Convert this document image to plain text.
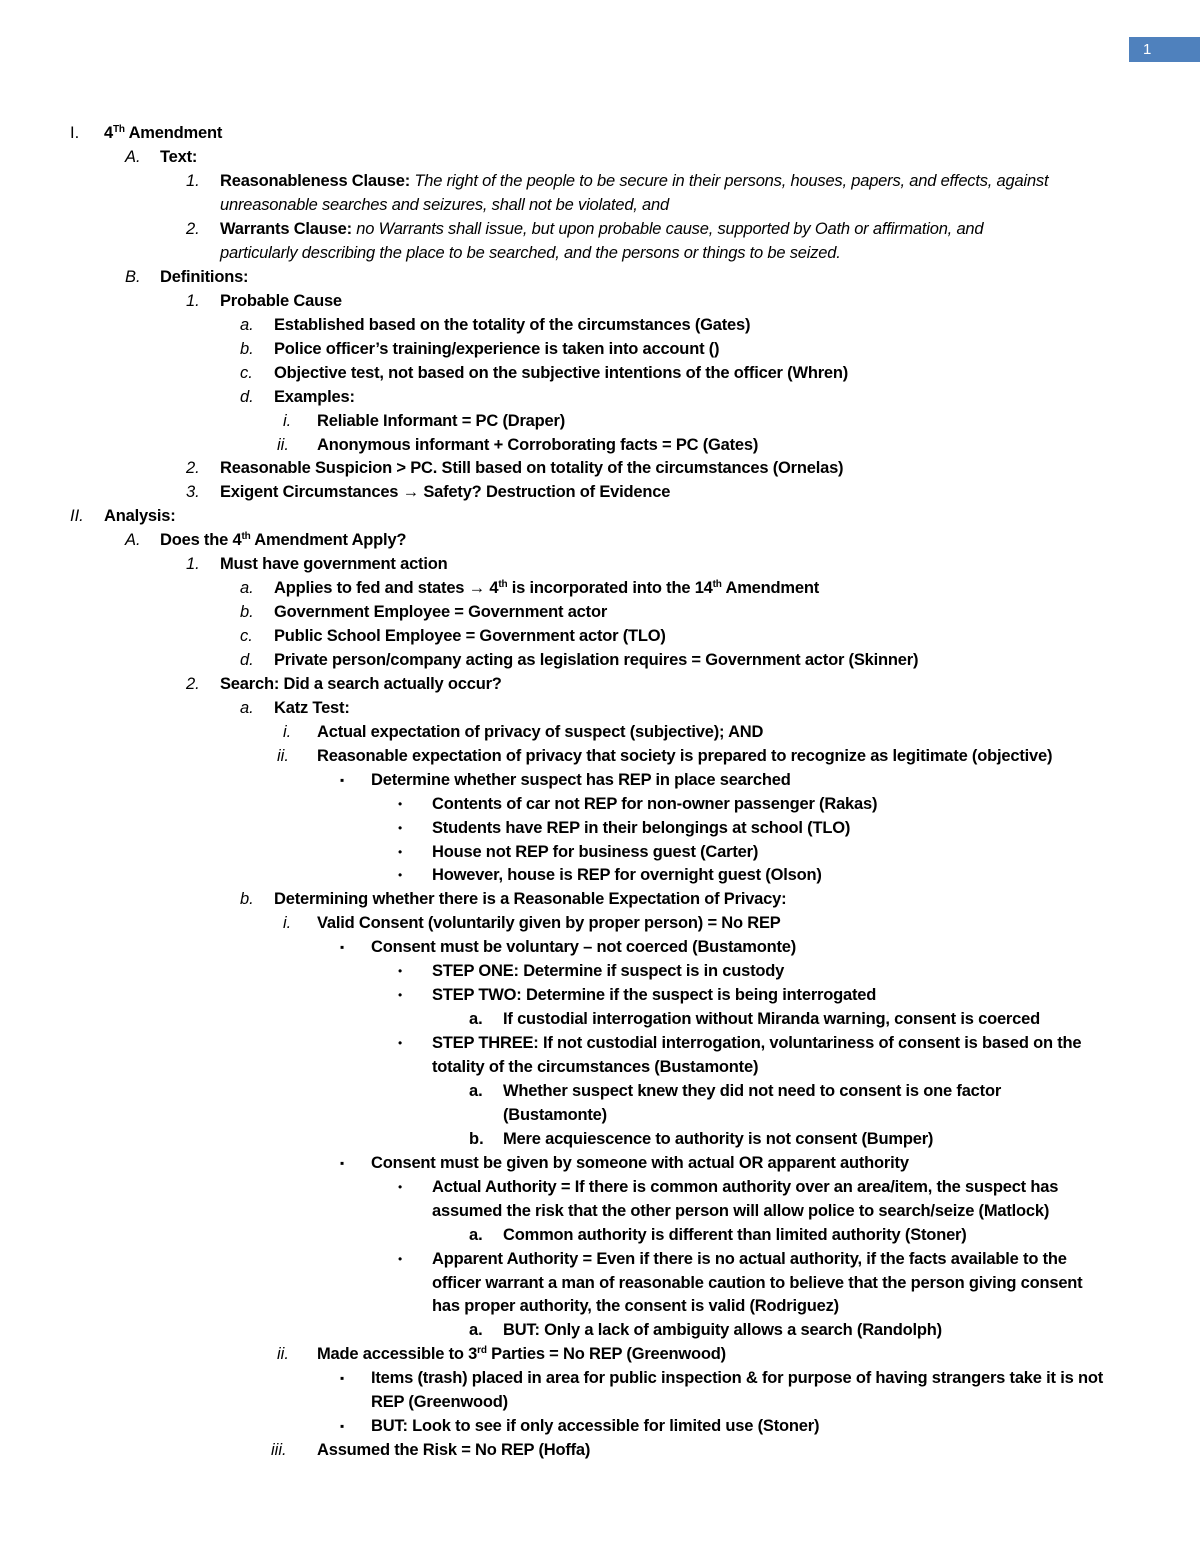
1
I. 4Th Amendment
A. Text:
1. Reasonableness Clause: The right of the people to be secure in their persons, houses, papers, and effects, against
unreasonable searches and seizures, shall not be violated, and
2. Warrants Clause: no Warrants shall issue, but upon probable cause, supported by Oath or affirmation, and
particularly describing the place to be searched, and the persons or things to be seized.
B. Definitions:
1. Probable Cause
a. Established based on the totality of the circumstances (Gates)
b. Police officer’s training/experience is taken into account ()
c. Objective test, not based on the subjective intentions of the officer (Whren)
d. Examples:
i. Reliable Informant = PC (Draper)
ii. Anonymous informant + Corroborating facts = PC (Gates)
2. Reasonable Suspicion > PC. Still based on totality of the circumstances (Ornelas)
3. Exigent Circumstances → Safety? Destruction of Evidence
II. Analysis:
A. Does the 4th Amendment Apply?
1. Must have government action
a. Applies to fed and states → 4th is incorporated into the 14th Amendment
b. Government Employee = Government actor
c. Public School Employee = Government actor (TLO)
d. Private person/company acting as legislation requires = Government actor (Skinner)
2. Search: Did a search actually occur?
a. Katz Test:
i. Actual expectation of privacy of suspect (subjective); AND
ii. Reasonable expectation of privacy that society is prepared to recognize as legitimate (objective)
▪ Determine whether suspect has REP in place searched
• Contents of car not REP for non-owner passenger (Rakas)
• Students have REP in their belongings at school (TLO)
• House not REP for business guest (Carter)
• However, house is REP for overnight guest (Olson)
b. Determining whether there is a Reasonable Expectation of Privacy:
i. Valid Consent (voluntarily given by proper person) = No REP
▪ Consent must be voluntary – not coerced (Bustamonte)
• STEP ONE: Determine if suspect is in custody
• STEP TWO: Determine if the suspect is being interrogated
a. If custodial interrogation without Miranda warning, consent is coerced
• STEP THREE: If not custodial interrogation, voluntariness of consent is based on the
totality of the circumstances (Bustamonte)
a. Whether suspect knew they did not need to consent is one factor
(Bustamonte)
b. Mere acquiescence to authority is not consent (Bumper)
▪ Consent must be given by someone with actual OR apparent authority
• Actual Authority = If there is common authority over an area/item, the suspect has
assumed the risk that the other person will allow police to search/seize (Matlock)
a. Common authority is different than limited authority (Stoner)
• Apparent Authority = Even if there is no actual authority, if the facts available to the
officer warrant a man of reasonable caution to believe that the person giving consent
has proper authority, the consent is valid (Rodriguez)
a. BUT: Only a lack of ambiguity allows a search (Randolph)
ii. Made accessible to 3rd Parties = No REP (Greenwood)
▪ Items (trash) placed in area for public inspection & for purpose of having strangers take it is not
REP (Greenwood)
▪ BUT: Look to see if only accessible for limited use (Stoner)
iii. Assumed the Risk = No REP (Hoffa)
